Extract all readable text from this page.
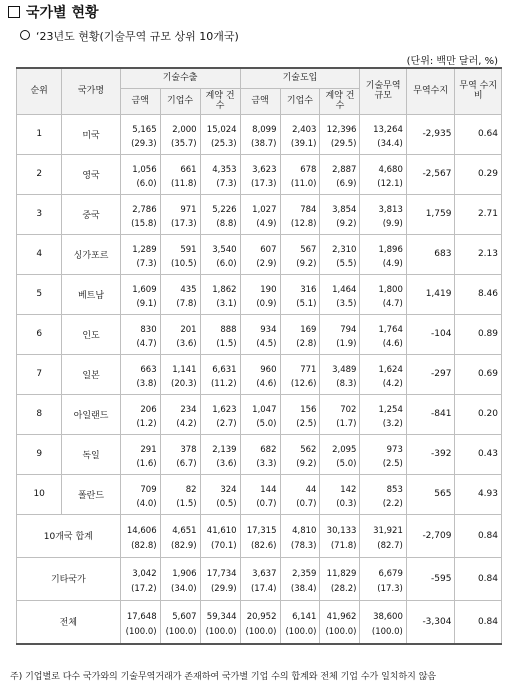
국가별 현황
‘23년도 현황(기술무역 규모 상위 10개국)
(단위: 백만 달러, %)
순위	국가명	기술수출			기술도입			기술무역 규모	무역수지	무역 수지비
		금액	기업수	계약 건수	금액	기업수	계약 건수			
1	미국	5,165	2,000	15,024	8,099	2,403	12,396	13,264	-2,935	0.64
		(29.3)	(35.7)	(25.3)	(38.7)	(39.1)	(29.5)	(34.4)		
2	영국	1,056	661	4,353	3,623	678	2,887	4,680	-2,567	0.29
		(6.0)	(11.8)	(7.3)	(17.3)	(11.0)	(6.9)	(12.1)		
3	중국	2,786	971	5,226	1,027	784	3,854	3,813	1,759	2.71
		(15.8)	(17.3)	(8.8)	(4.9)	(12.8)	(9.2)	(9.9)		
4	싱가포르	1,289	591	3,540	607	567	2,310	1,896	683	2.13
		(7.3)	(10.5)	(6.0)	(2.9)	(9.2)	(5.5)	(4.9)		
5	베트남	1,609	435	1,862	190	316	1,464	1,800	1,419	8.46
		(9.1)	(7.8)	(3.1)	(0.9)	(5.1)	(3.5)	(4.7)		
6	인도	830	201	888	934	169	794	1,764	-104	0.89
		(4.7)	(3.6)	(1.5)	(4.5)	(2.8)	(1.9)	(4.6)		
7	일본	663	1,141	6,631	960	771	3,489	1,624	-297	0.69
		(3.8)	(20.3)	(11.2)	(4.6)	(12.6)	(8.3)	(4.2)		
8	아일랜드	206	234	1,623	1,047	156	702	1,254	-841	0.20
		(1.2)	(4.2)	(2.7)	(5.0)	(2.5)	(1.7)	(3.2)		
9	독일	291	378	2,139	682	562	2,095	973	-392	0.43
		(1.6)	(6.7)	(3.6)	(3.3)	(9.2)	(5.0)	(2.5)		
10	폴란드	709	82	324	144	44	142	853	565	4.93
		(4.0)	(1.5)	(0.5)	(0.7)	(0.7)	(0.3)	(2.2)		
10개국 합계		14,606	4,651	41,610	17,315	4,810	30,133	31,921	-2,709	0.84
		(82.8)	(82.9)	(70.1)	(82.6)	(78.3)	(71.8)	(82.7)		
기타국가		3,042	1,906	17,734	3,637	2,359	11,829	6,679	-595	0.84
		(17.2)	(34.0)	(29.9)	(17.4)	(38.4)	(28.2)	(17.3)		
전체		17,648	5,607	59,344	20,952	6,141	41,962	38,600	-3,304	0.84
		(100.0)	(100.0)	(100.0)	(100.0)	(100.0)	(100.0)	(100.0)		
주) 기업별로 다수 국가와의 기술무역거래가 존재하여 국가별 기업 수의 합계와 전체 기업 수가 일치하지 않음
